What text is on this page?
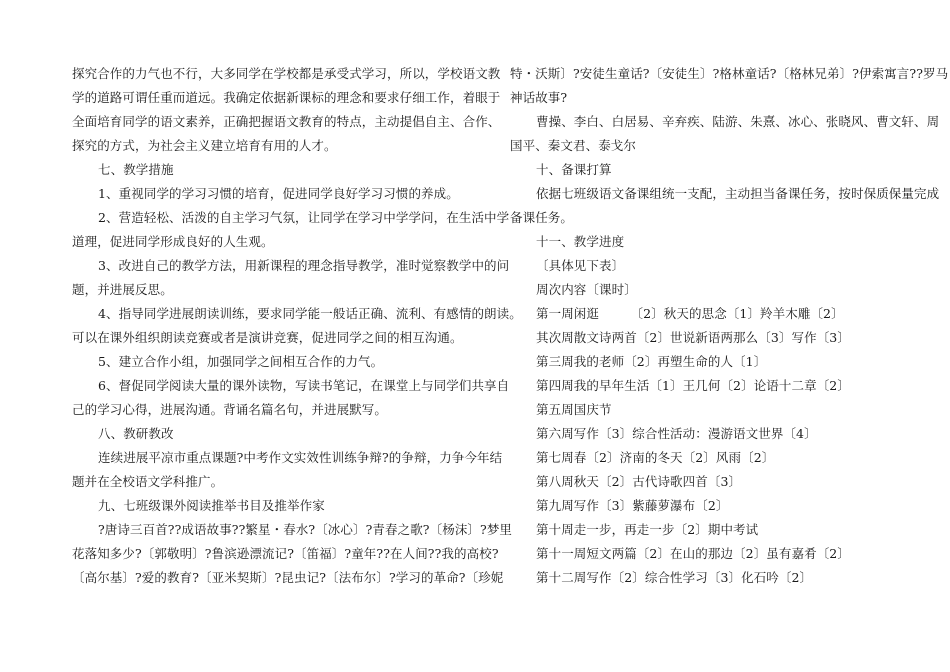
探究合作的力气也不行，大多同学在学校都是承受式学习，所以，学校语文教
学的道路可谓任重而道远。我确定依据新课标的理念和要求仔细工作，着眼于
全面培育同学的语文素养，正确把握语文教育的特点，主动提倡自主、合作、
探究的方式，为社会主义建立培育有用的人才。
七、教学措施
1、重视同学的学习习惯的培育，促进同学良好学习习惯的养成。
2、营造轻松、活泼的自主学习气氛，让同学在学习中学学问，在生活中学
道理，促进同学形成良好的人生观。
3、改进自己的教学方法，用新课程的理念指导教学，准时觉察教学中的问
题，并进展反思。
4、指导同学进展朗读训练，要求同学能一般话正确、流利、有感情的朗读。
可以在课外组织朗读竞赛或者是演讲竞赛，促进同学之间的相互沟通。
5、建立合作小组，加强同学之间相互合作的力气。
6、督促同学阅读大量的课外读物，写读书笔记，在课堂上与同学们共享自
己的学习心得，进展沟通。背诵名篇名句，并进展默写。
八、教研教改
连续进展平凉市重点课题?中考作文实效性训练争辩?的争辩，力争今年结
题并在全校语文学科推广。
九、七班级课外阅读推举书目及推举作家
?唐诗三百首??成语故事??繁星・春水?〔冰心〕?青春之歌?〔杨沫〕?梦里
花落知多少?〔郭敬明〕?鲁滨逊漂流记?〔笛福〕?童年??在人间??我的高校?
〔高尔基〕?爱的教育?〔亚米契斯〕?昆虫记?〔法布尔〕?学习的革命?〔珍妮
特・沃斯〕?安徒生童话?〔安徒生〕?格林童话?〔格林兄弟〕?伊索寓言??罗马
神话故事?
曹操、李白、白居易、辛弃疾、陆游、朱熹、冰心、张晓风、曹文轩、周
国平、秦文君、泰戈尔
十、备课打算
依据七班级语文备课组统一支配，主动担当备课任务，按时保质保量完成
备课任务。
十一、教学进度
〔具体见下表〕
周次内容〔课时〕
第一周闲逛　　　〔2〕秋天的思念〔1〕羚羊木雕〔2〕
其次周散文诗两首〔2〕世说新语两那么〔3〕写作〔3〕
第三周我的老师〔2〕再塑生命的人〔1〕
第四周我的早年生活〔1〕王几何〔2〕论语十二章〔2〕
第五周国庆节
第六周写作〔3〕综合性活动：漫游语文世界〔4〕
第七周春〔2〕济南的冬天〔2〕风雨〔2〕
第八周秋天〔2〕古代诗歌四首〔3〕
第九周写作〔3〕紫藤萝瀑布〔2〕
第十周走一步，再走一步〔2〕期中考试
第十一周短文两篇〔2〕在山的那边〔2〕虽有嘉肴〔2〕
第十二周写作〔2〕综合性学习〔3〕化石吟〔2〕
